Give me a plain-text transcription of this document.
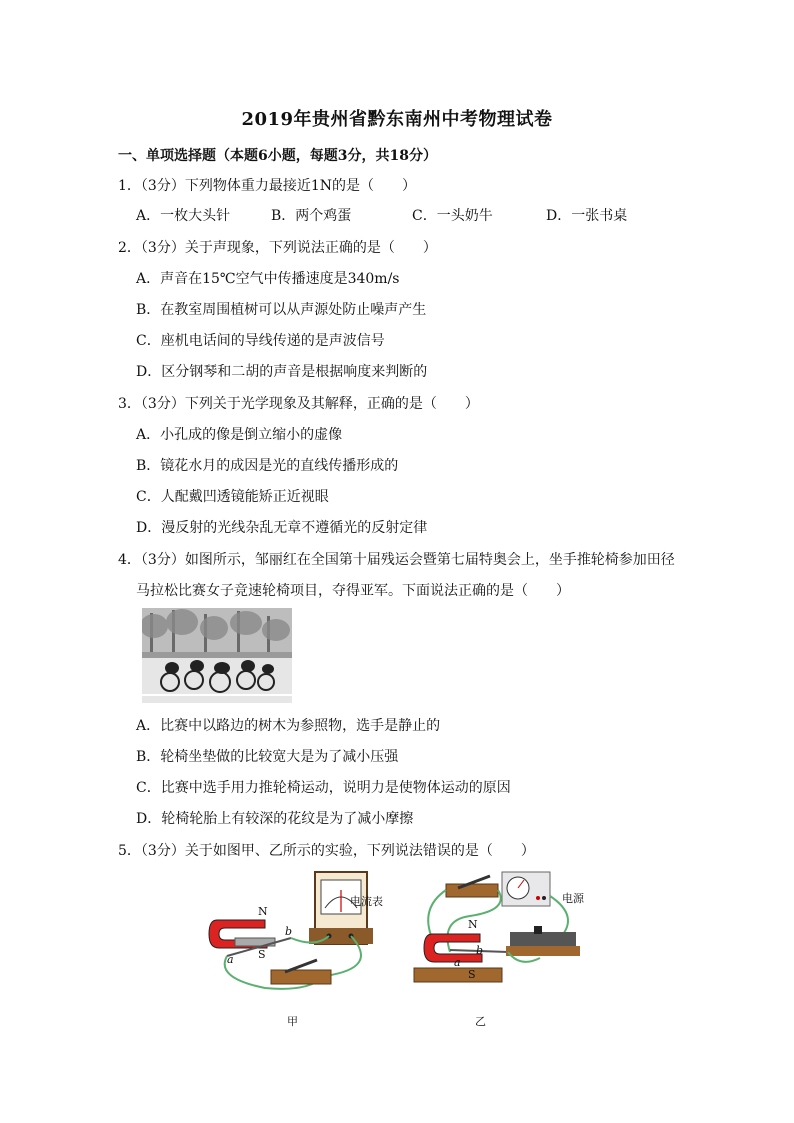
2019年贵州省黔东南州中考物理试卷
一、单项选择题（本题6小题，每题3分，共18分）
1．（3分）下列物体重力最接近1N的是（　　）
A．一枚大头针	B．两个鸡蛋	C．一头奶牛	D．一张书桌
2．（3分）关于声现象，下列说法正确的是（　　）
A．声音在15℃空气中传播速度是340m/s
B．在教室周围植树可以从声源处防止噪声产生
C．座机电话间的导线传递的是声波信号
D．区分钢琴和二胡的声音是根据响度来判断的
3．（3分）下列关于光学现象及其解释，正确的是（　　）
A．小孔成的像是倒立缩小的虚像
B．镜花水月的成因是光的直线传播形成的
C．人配戴凹透镜能矫正近视眼
D．漫反射的光线杂乱无章不遵循光的反射定律
4．（3分）如图所示，邹丽红在全国第十届残运会暨第七届特奥会上，坐手推轮椅参加田径
马拉松比赛女子竞速轮椅项目，夺得亚军。下面说法正确的是（　　）
A．比赛中以路边的树木为参照物，选手是静止的
B．轮椅坐垫做的比较宽大是为了减小压强
C．比赛中选手用力推轮椅运动，说明力是使物体运动的原因
D．轮椅轮胎上有较深的花纹是为了减小摩擦
5．（3分）关于如图甲、乙所示的实验，下列说法错误的是（　　）
电流表
N
S
a
b
甲
电源
N
S
a
b
乙
